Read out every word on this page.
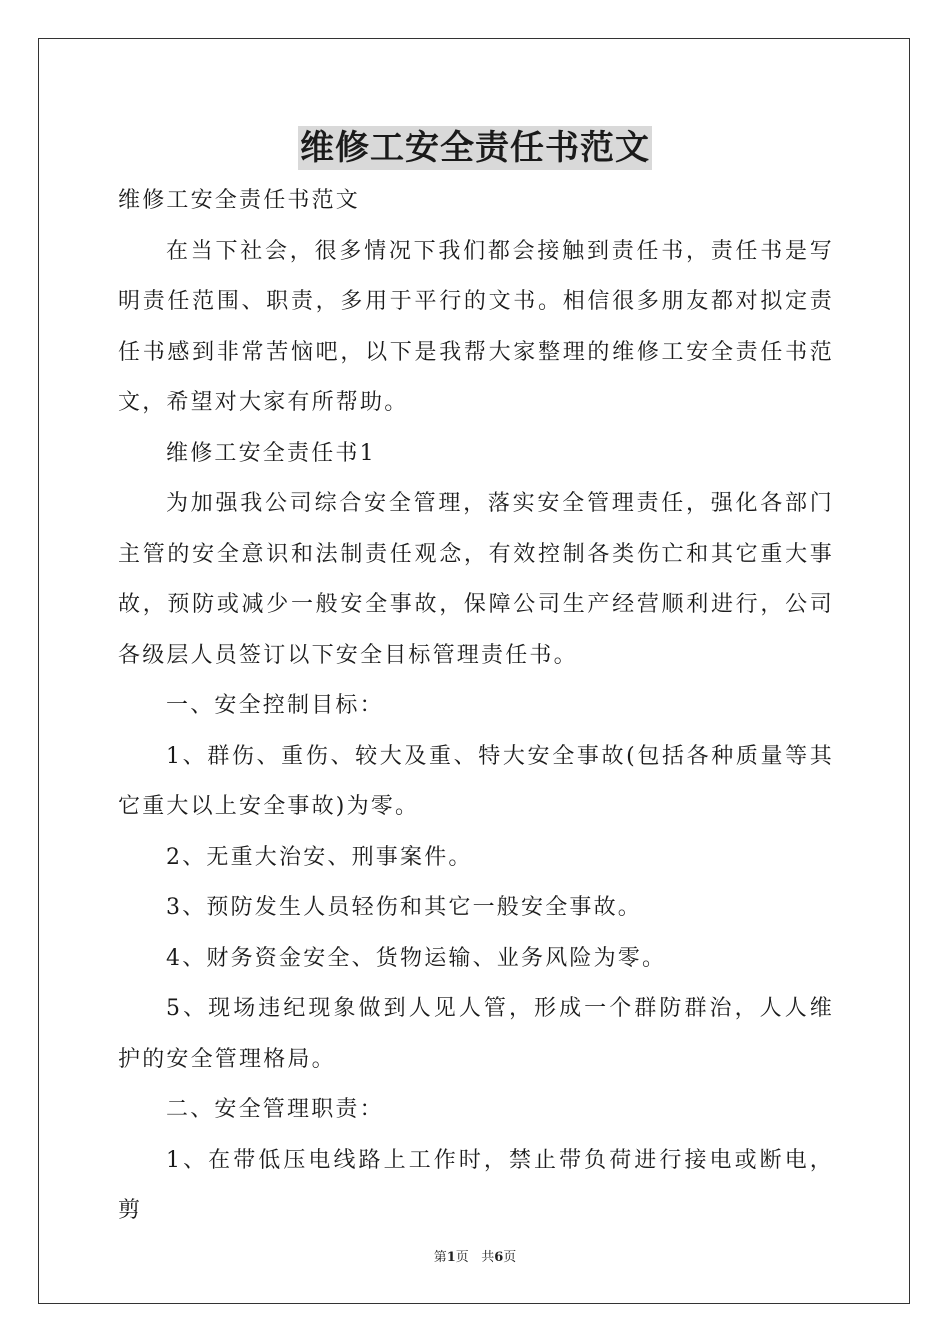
维修工安全责任书范文

维修工安全责任书范文

在当下社会，很多情况下我们都会接触到责任书，责任书是写明责任范围、职责，多用于平行的文书。相信很多朋友都对拟定责任书感到非常苦恼吧，以下是我帮大家整理的维修工安全责任书范文，希望对大家有所帮助。

维修工安全责任书1

为加强我公司综合安全管理，落实安全管理责任，强化各部门主管的安全意识和法制责任观念，有效控制各类伤亡和其它重大事故，预防或减少一般安全事故，保障公司生产经营顺利进行，公司各级层人员签订以下安全目标管理责任书。

一、安全控制目标：

1、群伤、重伤、较大及重、特大安全事故(包括各种质量等其它重大以上安全事故)为零。

2、无重大治安、刑事案件。

3、预防发生人员轻伤和其它一般安全事故。

4、财务资金安全、货物运输、业务风险为零。

5、现场违纪现象做到人见人管，形成一个群防群治，人人维护的安全管理格局。

二、安全管理职责：

1、在带低压电线路上工作时，禁止带负荷进行接电或断电，剪

第1页 共6页
